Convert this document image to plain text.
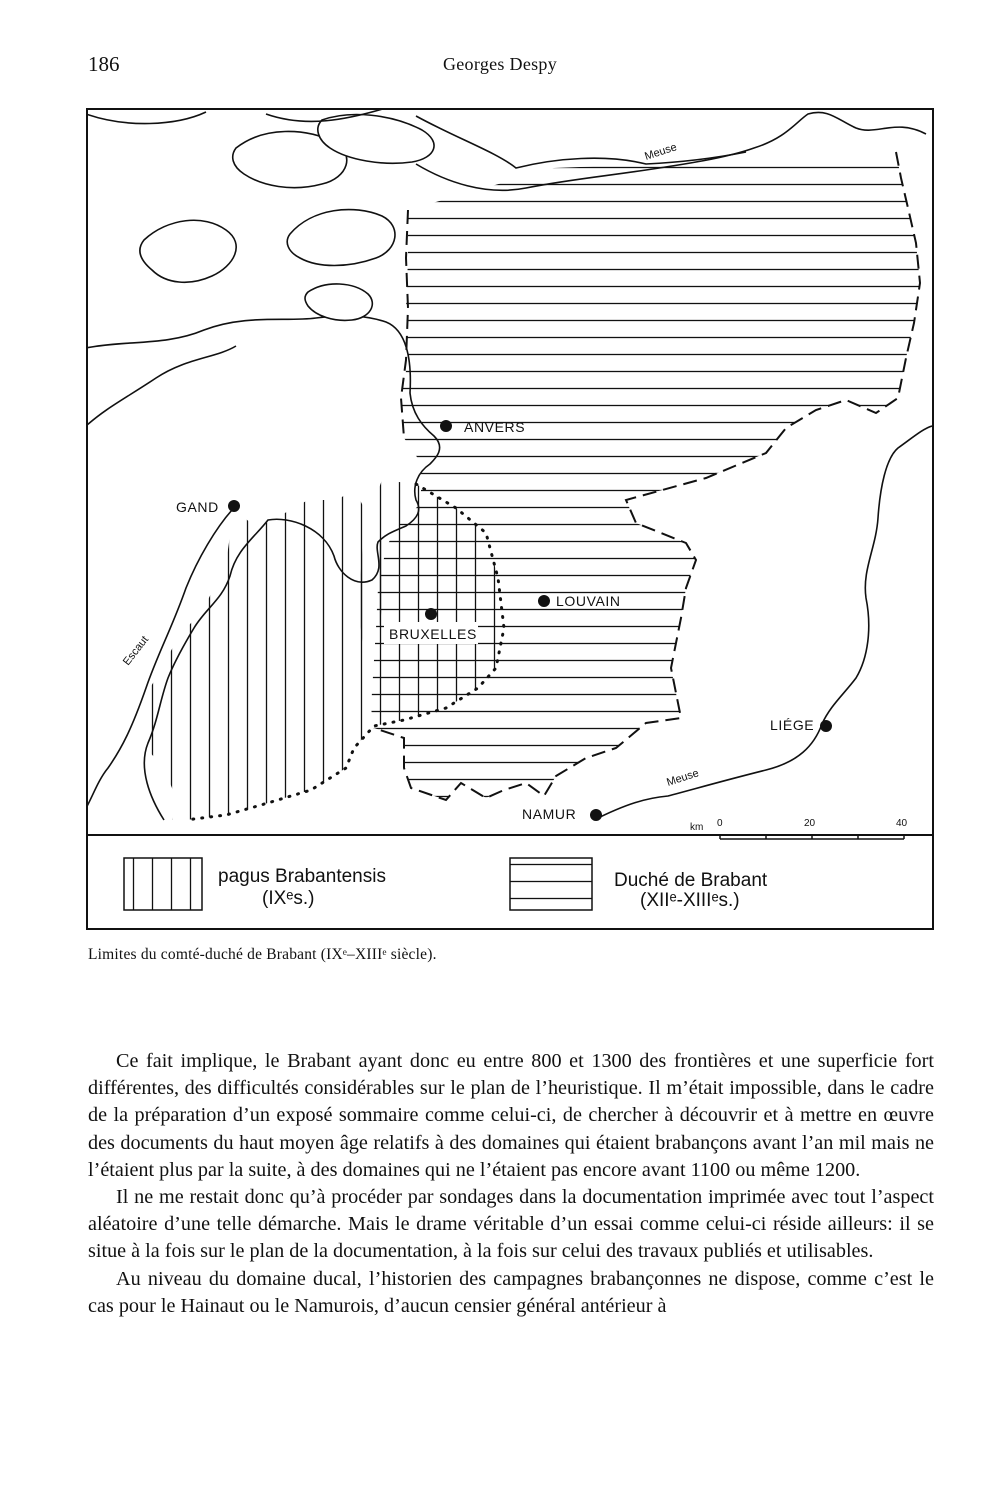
186	Georges Despy
ANVERS
GAND
LOUVAIN
BRUXELLES
LIÉGE
NAMUR
Meuse
Meuse
Escaut
km 0	20	40
pagus Brabantensis
(IXᵉs.)
Duché de Brabant
(XIIᵉ-XIIIᵉs.)
Limites du comté-duché de Brabant (IXᵉ–XIIIᵉ siècle).

Ce fait implique, le Brabant ayant donc eu entre 800 et 1300 des frontières et une superficie fort différentes, des difficultés considérables sur le plan de l’heuristique. Il m’était impossible, dans le cadre de la préparation d’un exposé sommaire comme celui-ci, de chercher à découvrir et à mettre en œuvre des documents du haut moyen âge relatifs à des domaines qui étaient brabançons avant l’an mil mais ne l’étaient plus par la suite, à des domaines qui ne l’étaient pas encore avant 1100 ou même 1200.

Il ne me restait donc qu’à procéder par sondages dans la documentation imprimée avec tout l’aspect aléatoire d’une telle démarche. Mais le drame véritable d’un essai comme celui-ci réside ailleurs: il se situe à la fois sur le plan de la documentation, à la fois sur celui des travaux publiés et utilisables.

Au niveau du domaine ducal, l’historien des campagnes brabançonnes ne dispose, comme c’est le cas pour le Hainaut ou le Namurois, d’aucun censier général antérieur à
